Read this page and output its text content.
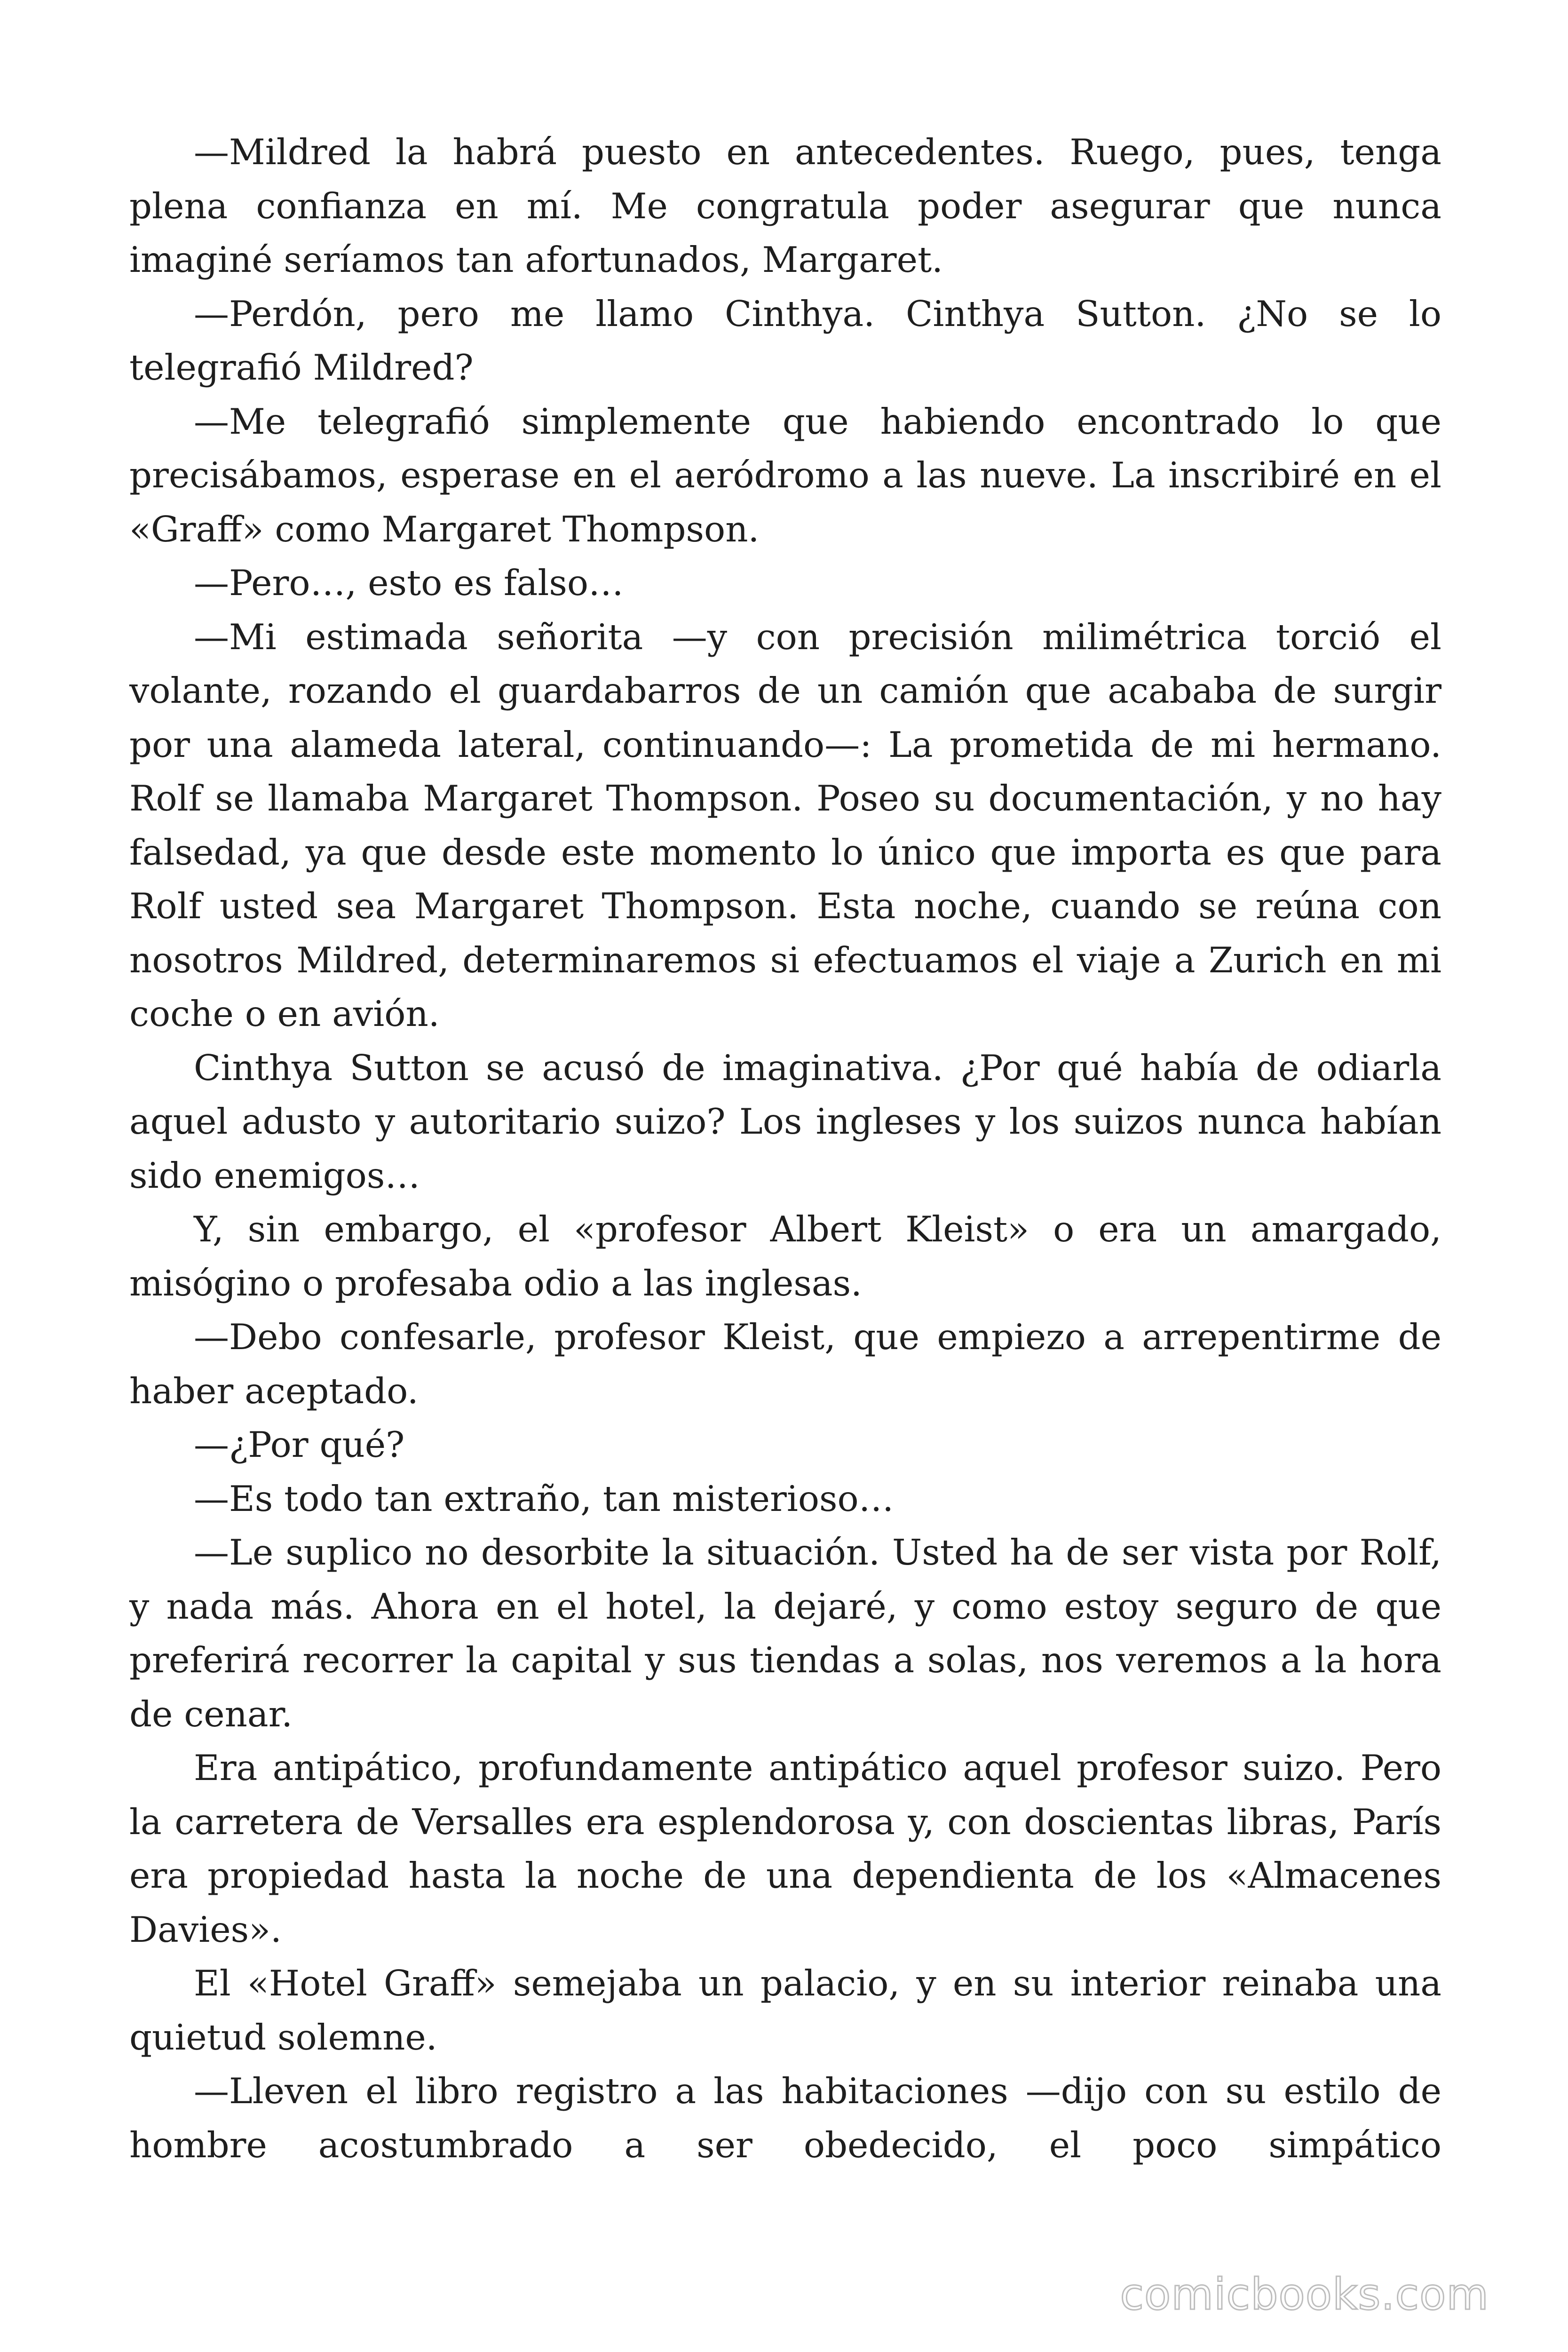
—Mildred la habrá puesto en antecedentes. Ruego, pues, tenga plena confianza en mí. Me congratula poder asegurar que nunca imaginé seríamos tan afortunados, Margaret.

—Perdón, pero me llamo Cinthya. Cinthya Sutton. ¿No se lo telegrafió Mildred?

—Me telegrafió simplemente que habiendo encontrado lo que precisábamos, esperase en el aeródromo a las nueve. La inscribiré en el «Graff» como Margaret Thompson.

—Pero…, esto es falso…

—Mi estimada señorita —y con precisión milimétrica torció el volante, rozando el guardabarros de un camión que acababa de surgir por una alameda lateral, continuando—: La prometida de mi hermano. Rolf se llamaba Margaret Thompson. Poseo su documentación, y no hay falsedad, ya que desde este momento lo único que importa es que para Rolf usted sea Margaret Thompson. Esta noche, cuando se reúna con nosotros Mildred, determinaremos si efectuamos el viaje a Zurich en mi coche o en avión.

Cinthya Sutton se acusó de imaginativa. ¿Por qué había de odiarla aquel adusto y autoritario suizo? Los ingleses y los suizos nunca habían sido enemigos…

Y, sin embargo, el «profesor Albert Kleist» o era un amargado, misógino o profesaba odio a las inglesas.

—Debo confesarle, profesor Kleist, que empiezo a arrepentirme de haber aceptado.

—¿Por qué?

—Es todo tan extraño, tan misterioso…

—Le suplico no desorbite la situación. Usted ha de ser vista por Rolf, y nada más. Ahora en el hotel, la dejaré, y como estoy seguro de que preferirá recorrer la capital y sus tiendas a solas, nos veremos a la hora de cenar.

Era antipático, profundamente antipático aquel profesor suizo. Pero la carretera de Versalles era esplendorosa y, con doscientas libras, París era propiedad hasta la noche de una dependienta de los «Almacenes Davies».

El «Hotel Graff» semejaba un palacio, y en su interior reinaba una quietud solemne.

—Lleven el libro registro a las habitaciones —dijo con su estilo de hombre acostumbrado a ser obedecido, el poco simpático

comicbooks.com
